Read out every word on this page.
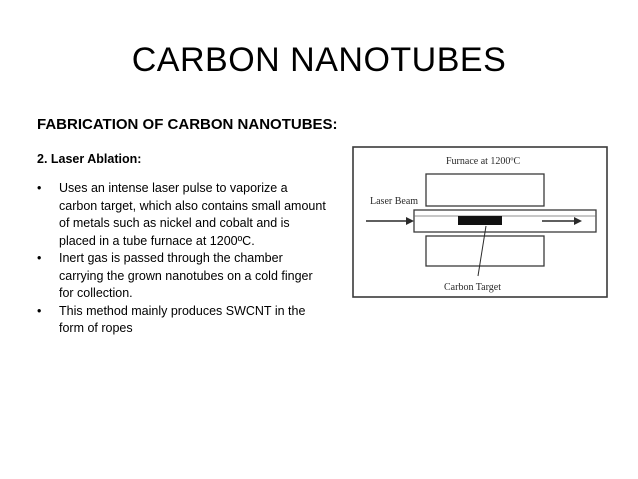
CARBON NANOTUBES
FABRICATION OF CARBON NANOTUBES:
2. Laser Ablation:
• Uses an intense laser pulse to vaporize a carbon target, which also contains small amount of metals such as nickel and cobalt and is placed in a tube furnace at 1200ºC.
• Inert gas is passed through the chamber carrying the grown nanotubes on a cold finger for collection.
• This method mainly produces SWCNT in the form of ropes
Furnace at 1200ºC
Laser Beam
Carbon Target
